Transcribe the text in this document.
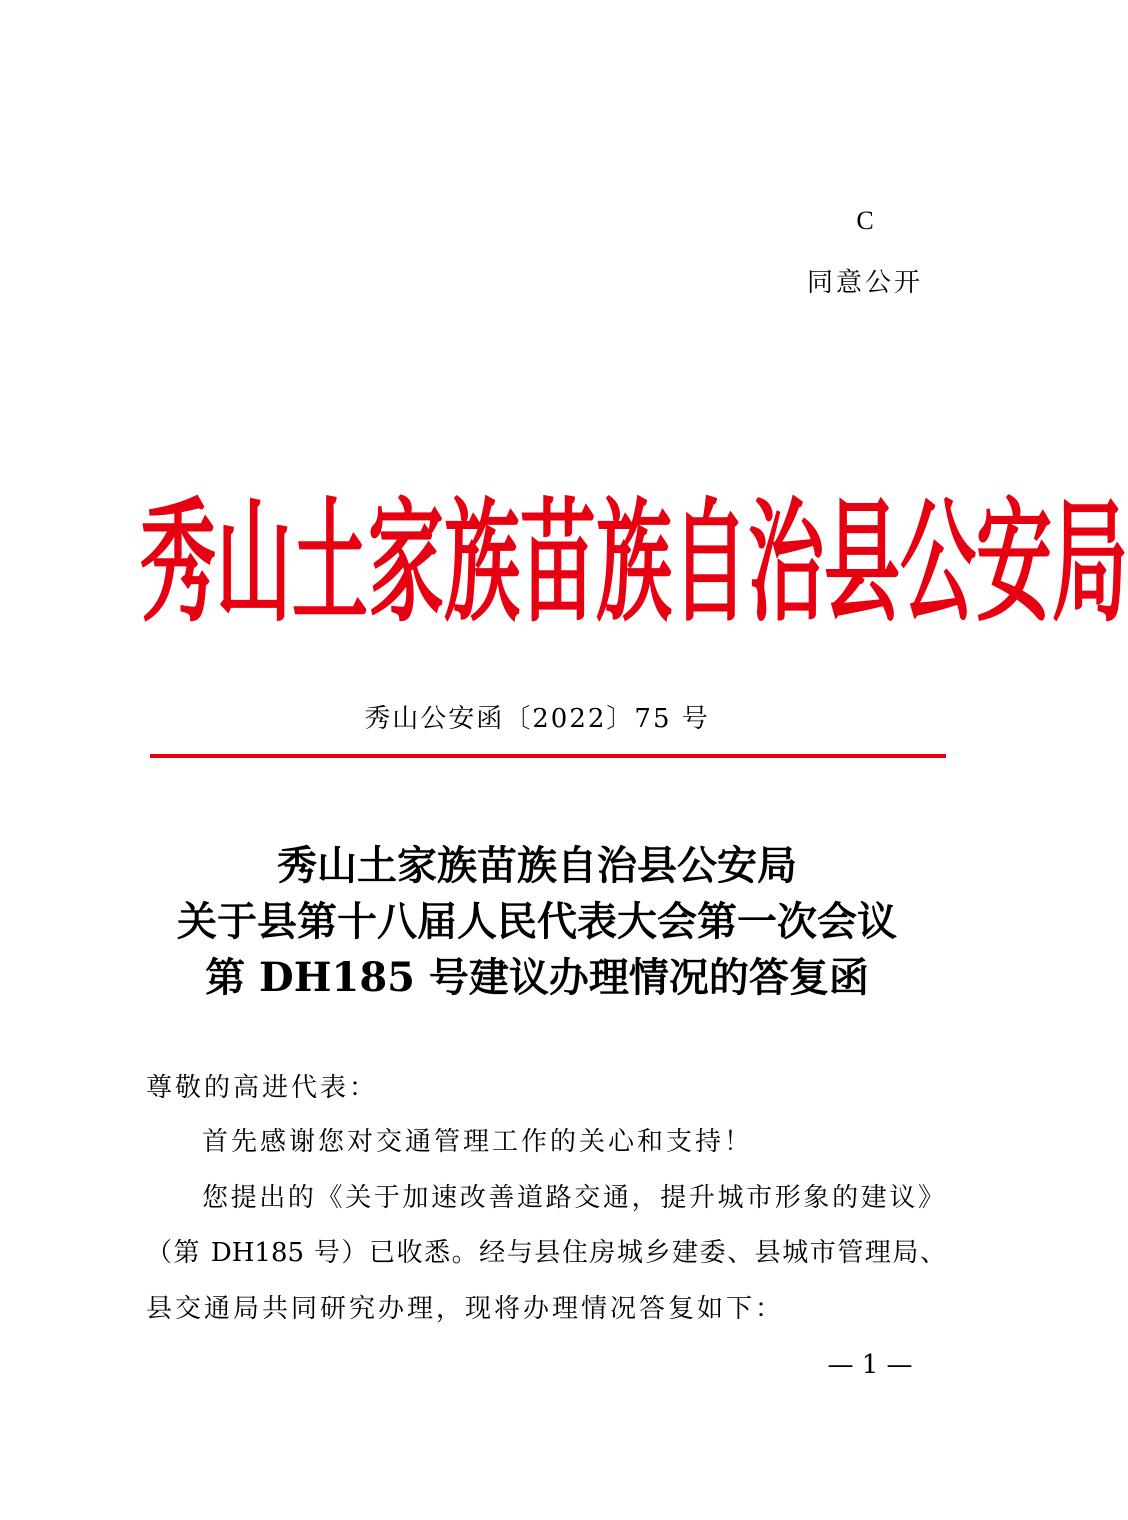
C
同意公开
秀 山 土 家 族 苗 族 自 治 县 公 安 局
秀山公安函〔2022〕75 号
秀山土家族苗族自治县公安局
关于县第十八届人民代表大会第一次会议
第 DH185 号建议办理情况的答复函
尊敬的高进代表：
首先感谢您对交通管理工作的关心和支持！
您提出的《关于加速改善道路交通，提升城市形象的建议》
（第 DH185 号）已收悉。经与县住房城乡建委、县城市管理局、
县交通局共同研究办理，现将办理情况答复如下：
— 1 —
